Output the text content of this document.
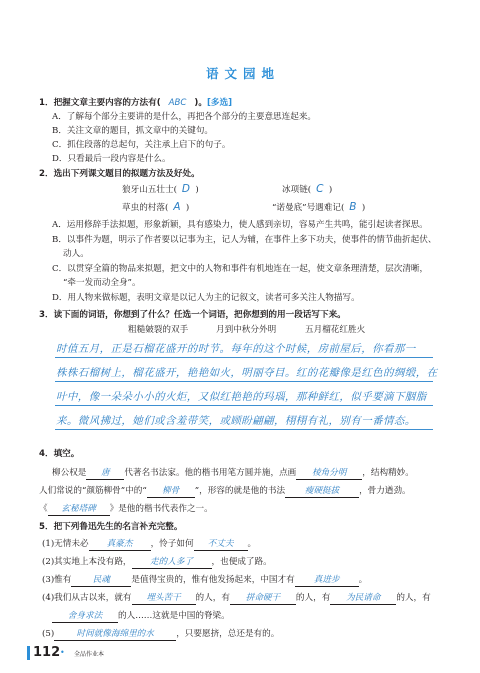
语文园地
1．把握文章主要内容的方法有( ABC )。[多选]
A．了解每个部分主要讲的是什么，再把各个部分的主要意思连起来。
B．关注文章的题目，抓文章中的关键句。
C．抓住段落的总起句，关注承上启下的句子。
D．只看最后一段内容是什么。
2．选出下列课文题目的拟题方法及好处。
狼牙山五壮士( D )	冰项链( C )
草虫的村落( A )	“诺曼底”号遇难记( B )
A．运用修辞手法拟题，形象新颖，具有感染力，使人感到亲切，容易产生共鸣，能引起读者探思。
B．以事件为题，明示了作者要以记事为主，记人为辅，在事件上多下功夫，使事件的情节曲折起伏、
动人。
C．以贯穿全篇的物品来拟题，把文中的人物和事件有机地连在一起，使文章条理清楚，层次清晰，
“牵一发而动全身”。
D．用人物来做标题，表明文章是以记人为主的记叙文，读者可多关注人物描写。
3．读下面的词语，你想到了什么？任选一个词语，把你想到的用一段话写下来。
粗糙皴裂的双手	月到中秋分外明	五月榴花红胜火
时值五月，正是石榴花盛开的时节。每年的这个时候，房前屋后，你看那一
株株石榴树上，榴花盛开，艳艳如火，明丽夺目。红的花瓣像是红色的绸缎，在
叶中，像一朵朵小小的火炬，又似红艳艳的玛瑙，那种鲜红，似乎要滴下胭脂
来。微风拂过，她们或含羞带笑，或顾盼翩翩，栩栩有礼，别有一番情态。
4．填空。
柳公权是 唐 代著名书法家。他的楷书用笔方圆并施，点画 棱角分明 ，结构精妙。
人们常说的“颜筋柳骨”中的“ 柳骨 ”，形容的就是他的书法 瘦硬挺拔 ，骨力遒劲。
《 玄秘塔碑 》是他的楷书代表作之一。
5．把下列鲁迅先生的名言补充完整。
(1)无情未必 真豪杰 ，怜子如何 不丈夫 。
(2)其实地上本没有路， 走的人多了 ，也便成了路。
(3)惟有 民魂 是值得宝贵的，惟有他发扬起来，中国才有 真进步 。
(4)我们从古以来，就有 埋头苦干 的人，有 拼命硬干 的人，有 为民请命 的人，有
舍身求法 的人……这就是中国的脊梁。
(5)	时间就像海绵里的水	，只要愿挤，总还是有的。
112 • 全品作业本
